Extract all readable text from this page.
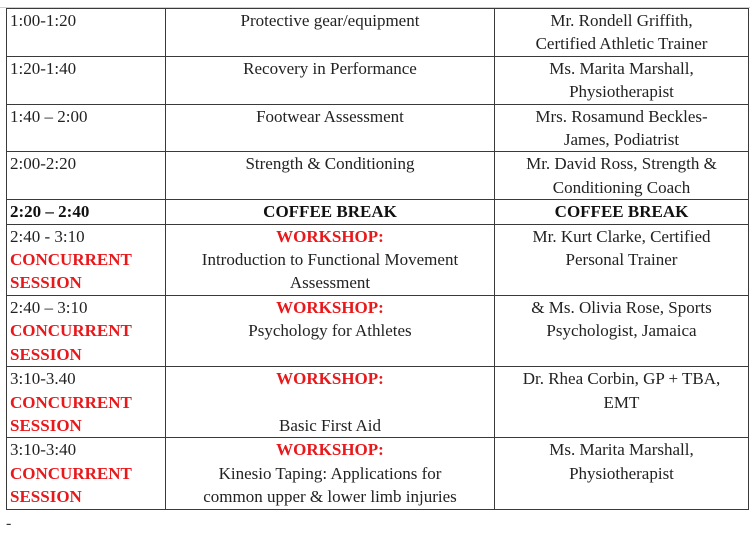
1:00-1:20	Protective gear/equipment	Mr. Rondell Griffith,
Certified Athletic Trainer

1:20-1:40	Recovery in Performance	Ms. Marita Marshall,
Physiotherapist

1:40 – 2:00	Footwear Assessment	Mrs. Rosamund Beckles-
James, Podiatrist

2:00-2:20	Strength & Conditioning	Mr. David Ross, Strength &
Conditioning Coach

2:20 – 2:40	COFFEE BREAK	COFFEE BREAK

2:40 - 3:10
CONCURRENT
SESSION	WORKSHOP:
Introduction to Functional Movement
Assessment	Mr. Kurt Clarke, Certified
Personal Trainer

2:40 – 3:10
CONCURRENT
SESSION	WORKSHOP:
Psychology for Athletes	& Ms. Olivia Rose, Sports
Psychologist, Jamaica

3:10-3.40
CONCURRENT
SESSION	WORKSHOP:
Basic First Aid	Dr. Rhea Corbin, GP + TBA,
EMT

3:10-3:40
CONCURRENT
SESSION	WORKSHOP:
Kinesio Taping: Applications for
common upper & lower limb injuries	Ms. Marita Marshall,
Physiotherapist
-
